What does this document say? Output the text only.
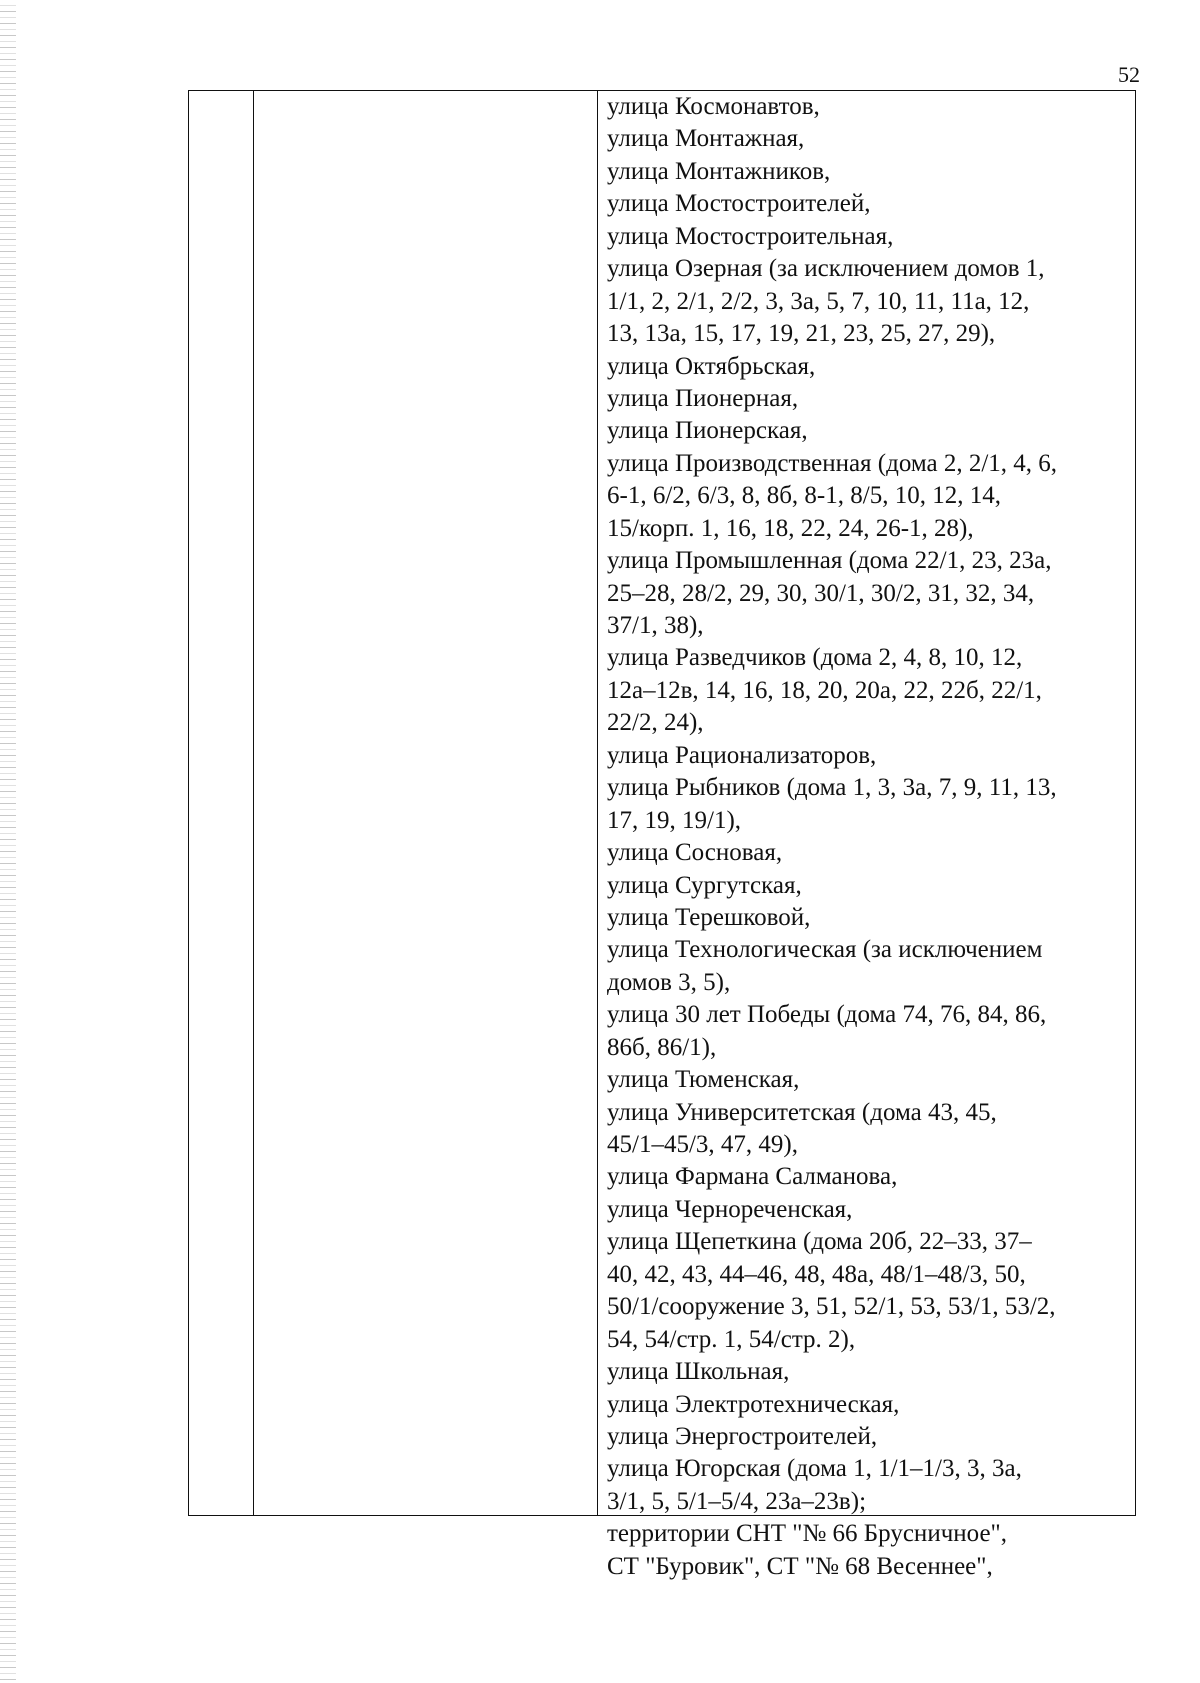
52
улица Космонавтов,
улица Монтажная,
улица Монтажников,
улица Мостостроителей,
улица Мостостроительная,
улица Озерная (за исключением домов 1,
1/1, 2, 2/1, 2/2, 3, 3а, 5, 7, 10, 11, 11а, 12,
13, 13а, 15, 17, 19, 21, 23, 25, 27, 29),
улица Октябрьская,
улица Пионерная,
улица Пионерская,
улица Производственная (дома 2, 2/1, 4, 6,
6-1, 6/2, 6/3, 8, 8б, 8-1, 8/5, 10, 12, 14,
15/корп. 1, 16, 18, 22, 24, 26-1, 28),
улица Промышленная (дома 22/1, 23, 23а,
25–28, 28/2, 29, 30, 30/1, 30/2, 31, 32, 34,
37/1, 38),
улица Разведчиков (дома 2, 4, 8, 10, 12,
12а–12в, 14, 16, 18, 20, 20а, 22, 22б, 22/1,
22/2, 24),
улица Рационализаторов,
улица Рыбников (дома 1, 3, 3а, 7, 9, 11, 13,
17, 19, 19/1),
улица Сосновая,
улица Сургутская,
улица Терешковой,
улица Технологическая (за исключением
домов 3, 5),
улица 30 лет Победы (дома 74, 76, 84, 86,
86б, 86/1),
улица Тюменская,
улица Университетская (дома 43, 45,
45/1–45/3, 47, 49),
улица Фармана Салманова,
улица Чернореченская,
улица Щепеткина (дома 20б, 22–33, 37–
40, 42, 43, 44–46, 48, 48а, 48/1–48/3, 50,
50/1/сооружение 3, 51, 52/1, 53, 53/1, 53/2,
54, 54/стр. 1, 54/стр. 2),
улица Школьная,
улица Электротехническая,
улица Энергостроителей,
улица Югорская (дома 1, 1/1–1/3, 3, 3а,
3/1, 5, 5/1–5/4, 23а–23в);
территории СНТ "№ 66 Брусничное",
СТ "Буровик", СТ "№ 68 Весеннее",
